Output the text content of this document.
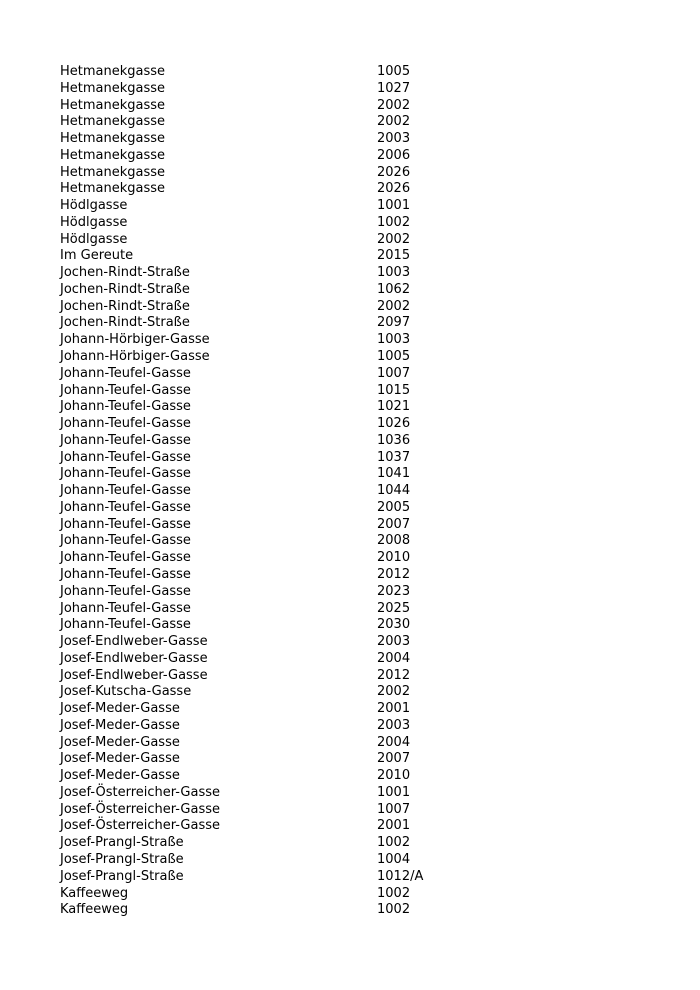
Hetmanekgasse	1005
Hetmanekgasse	1027
Hetmanekgasse	2002
Hetmanekgasse	2002
Hetmanekgasse	2003
Hetmanekgasse	2006
Hetmanekgasse	2026
Hetmanekgasse	2026
Hödlgasse	1001
Hödlgasse	1002
Hödlgasse	2002
Im Gereute	2015
Jochen-Rindt-Straße	1003
Jochen-Rindt-Straße	1062
Jochen-Rindt-Straße	2002
Jochen-Rindt-Straße	2097
Johann-Hörbiger-Gasse	1003
Johann-Hörbiger-Gasse	1005
Johann-Teufel-Gasse	1007
Johann-Teufel-Gasse	1015
Johann-Teufel-Gasse	1021
Johann-Teufel-Gasse	1026
Johann-Teufel-Gasse	1036
Johann-Teufel-Gasse	1037
Johann-Teufel-Gasse	1041
Johann-Teufel-Gasse	1044
Johann-Teufel-Gasse	2005
Johann-Teufel-Gasse	2007
Johann-Teufel-Gasse	2008
Johann-Teufel-Gasse	2010
Johann-Teufel-Gasse	2012
Johann-Teufel-Gasse	2023
Johann-Teufel-Gasse	2025
Johann-Teufel-Gasse	2030
Josef-Endlweber-Gasse	2003
Josef-Endlweber-Gasse	2004
Josef-Endlweber-Gasse	2012
Josef-Kutscha-Gasse	2002
Josef-Meder-Gasse	2001
Josef-Meder-Gasse	2003
Josef-Meder-Gasse	2004
Josef-Meder-Gasse	2007
Josef-Meder-Gasse	2010
Josef-Österreicher-Gasse	1001
Josef-Österreicher-Gasse	1007
Josef-Österreicher-Gasse	2001
Josef-Prangl-Straße	1002
Josef-Prangl-Straße	1004
Josef-Prangl-Straße	1012/A
Kaffeeweg	1002
Kaffeeweg	1002
